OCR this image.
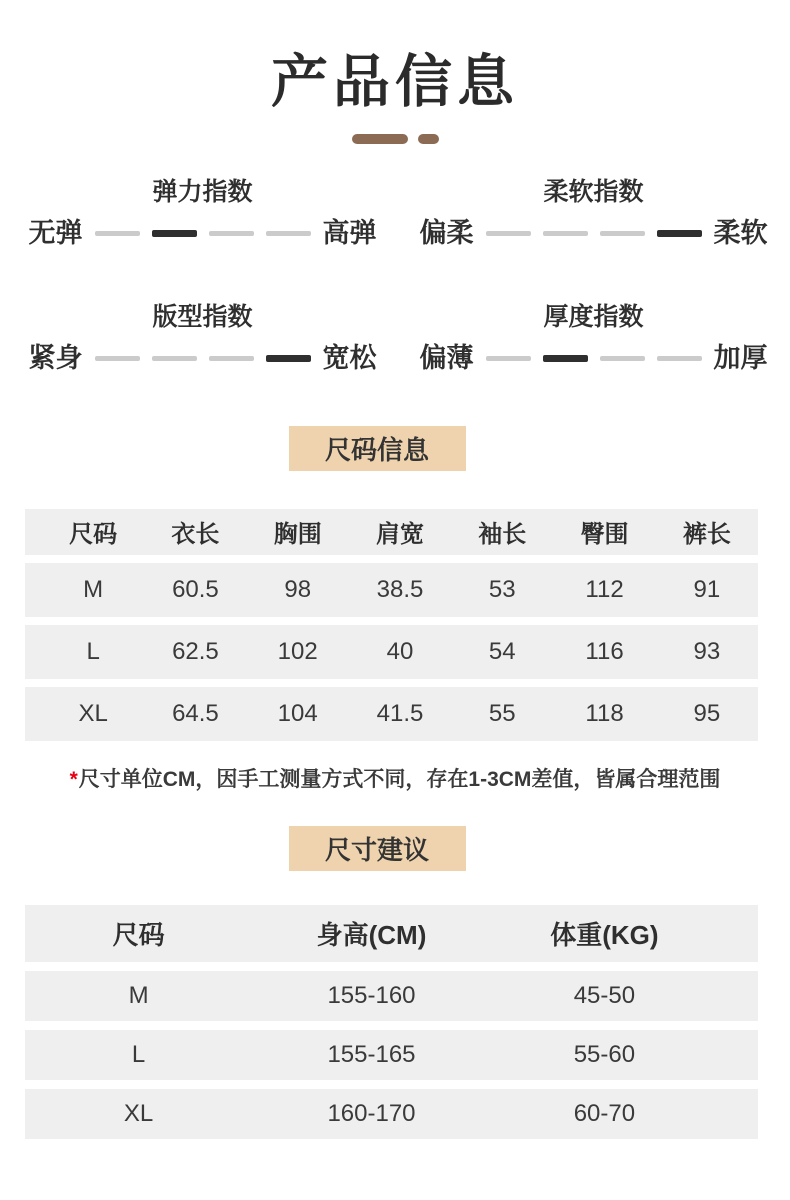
产品信息
弹力指数
无弹	高弹
柔软指数
偏柔	柔软
版型指数
紧身	宽松
厚度指数
偏薄	加厚
尺码信息
尺码	衣长	胸围	肩宽	袖长	臀围	裤长
M	60.5	98	38.5	53	112	91
L	62.5	102	40	54	116	93
XL	64.5	104	41.5	55	118	95

*尺寸单位CM，因手工测量方式不同，存在1-3CM差值，皆属合理范围

尺寸建议
尺码	身高(CM)	体重(KG)
M	155-160	45-50
L	155-165	55-60
XL	160-170	60-70
